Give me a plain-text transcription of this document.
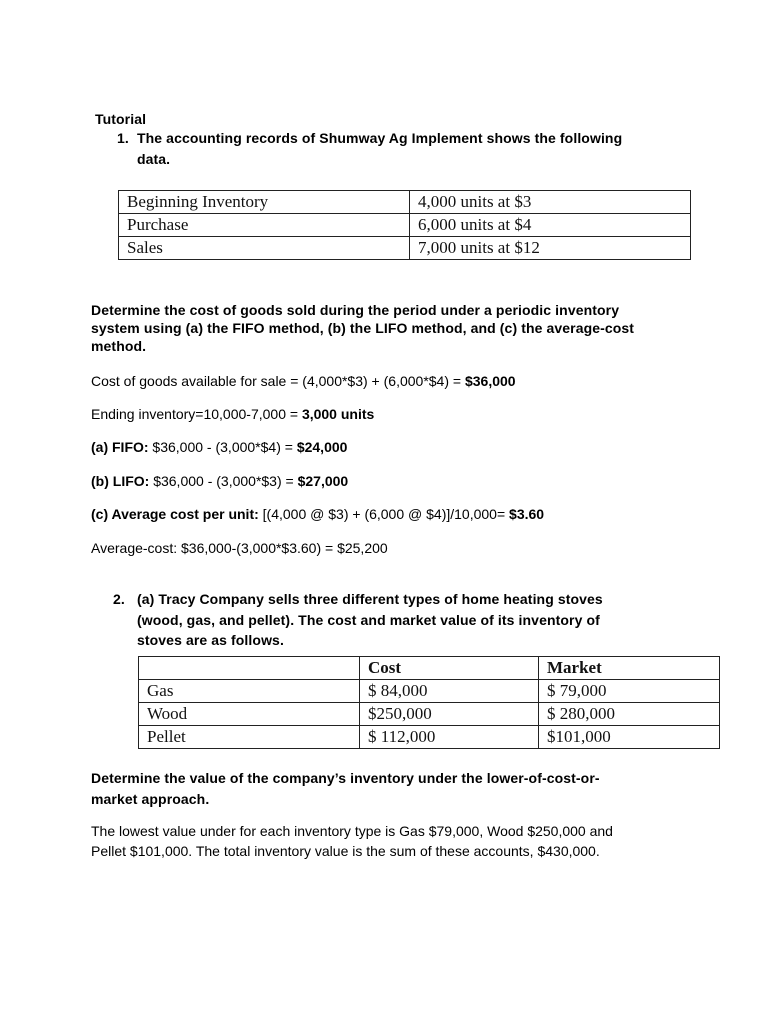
Tutorial
1. The accounting records of Shumway Ag Implement shows the following
data.
Beginning Inventory	4,000 units at $3
Purchase	6,000 units at $4
Sales	7,000 units at $12
Determine the cost of goods sold during the period under a periodic inventory
system using (a) the FIFO method, (b) the LIFO method, and (c) the average-cost
method.
Cost of goods available for sale = (4,000*$3) + (6,000*$4) = $36,000
Ending inventory=10,000-7,000 = 3,000 units
(a) FIFO: $36,000 - (3,000*$4) = $24,000
(b) LIFO: $36,000 - (3,000*$3) = $27,000
(c) Average cost per unit: [(4,000 @ $3) + (6,000 @ $4)]/10,000= $3.60
Average-cost: $36,000-(3,000*$3.60) = $25,200
2. (a) Tracy Company sells three different types of home heating stoves
(wood, gas, and pellet). The cost and market value of its inventory of
stoves are as follows.
	Cost	Market
Gas	$ 84,000	$ 79,000
Wood	$250,000	$ 280,000
Pellet	$ 112,000	$101,000
Determine the value of the company’s inventory under the lower-of-cost-or-
market approach.
The lowest value under for each inventory type is Gas $79,000, Wood $250,000 and
Pellet $101,000. The total inventory value is the sum of these accounts, $430,000.
